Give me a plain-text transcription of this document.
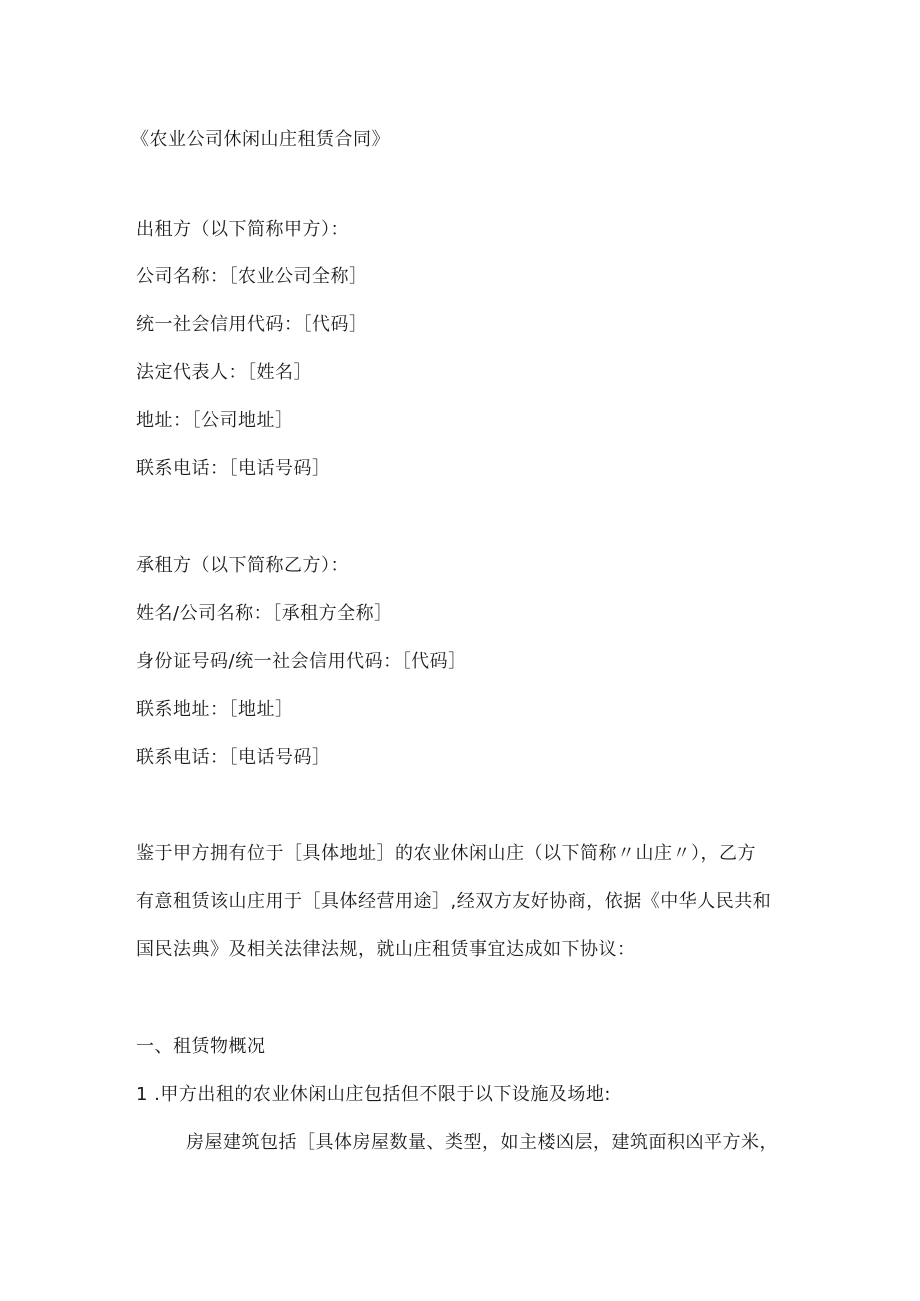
《农业公司休闲山庄租赁合同》
出租方（以下简称甲方）：
公司名称：［农业公司全称］
统一社会信用代码：［代码］
法定代表人：［姓名］
地址：［公司地址］
联系电话：［电话号码］
承租方（以下简称乙方）：
姓名/公司名称：［承租方全称］
身份证号码/统一社会信用代码：［代码］
联系地址：［地址］
联系电话：［电话号码］
鉴于甲方拥有位于［具体地址］的农业休闲山庄（以下简称〃山庄〃），乙方
有意租赁该山庄用于［具体经营用途］,经双方友好协商，依据《中华人民共和
国民法典》及相关法律法规，就山庄租赁事宜达成如下协议：
一、租赁物概况
1 .甲方出租的农业休闲山庄包括但不限于以下设施及场地:
房屋建筑包括［具体房屋数量、类型，如主楼凶层，建筑面积凶平方米，
